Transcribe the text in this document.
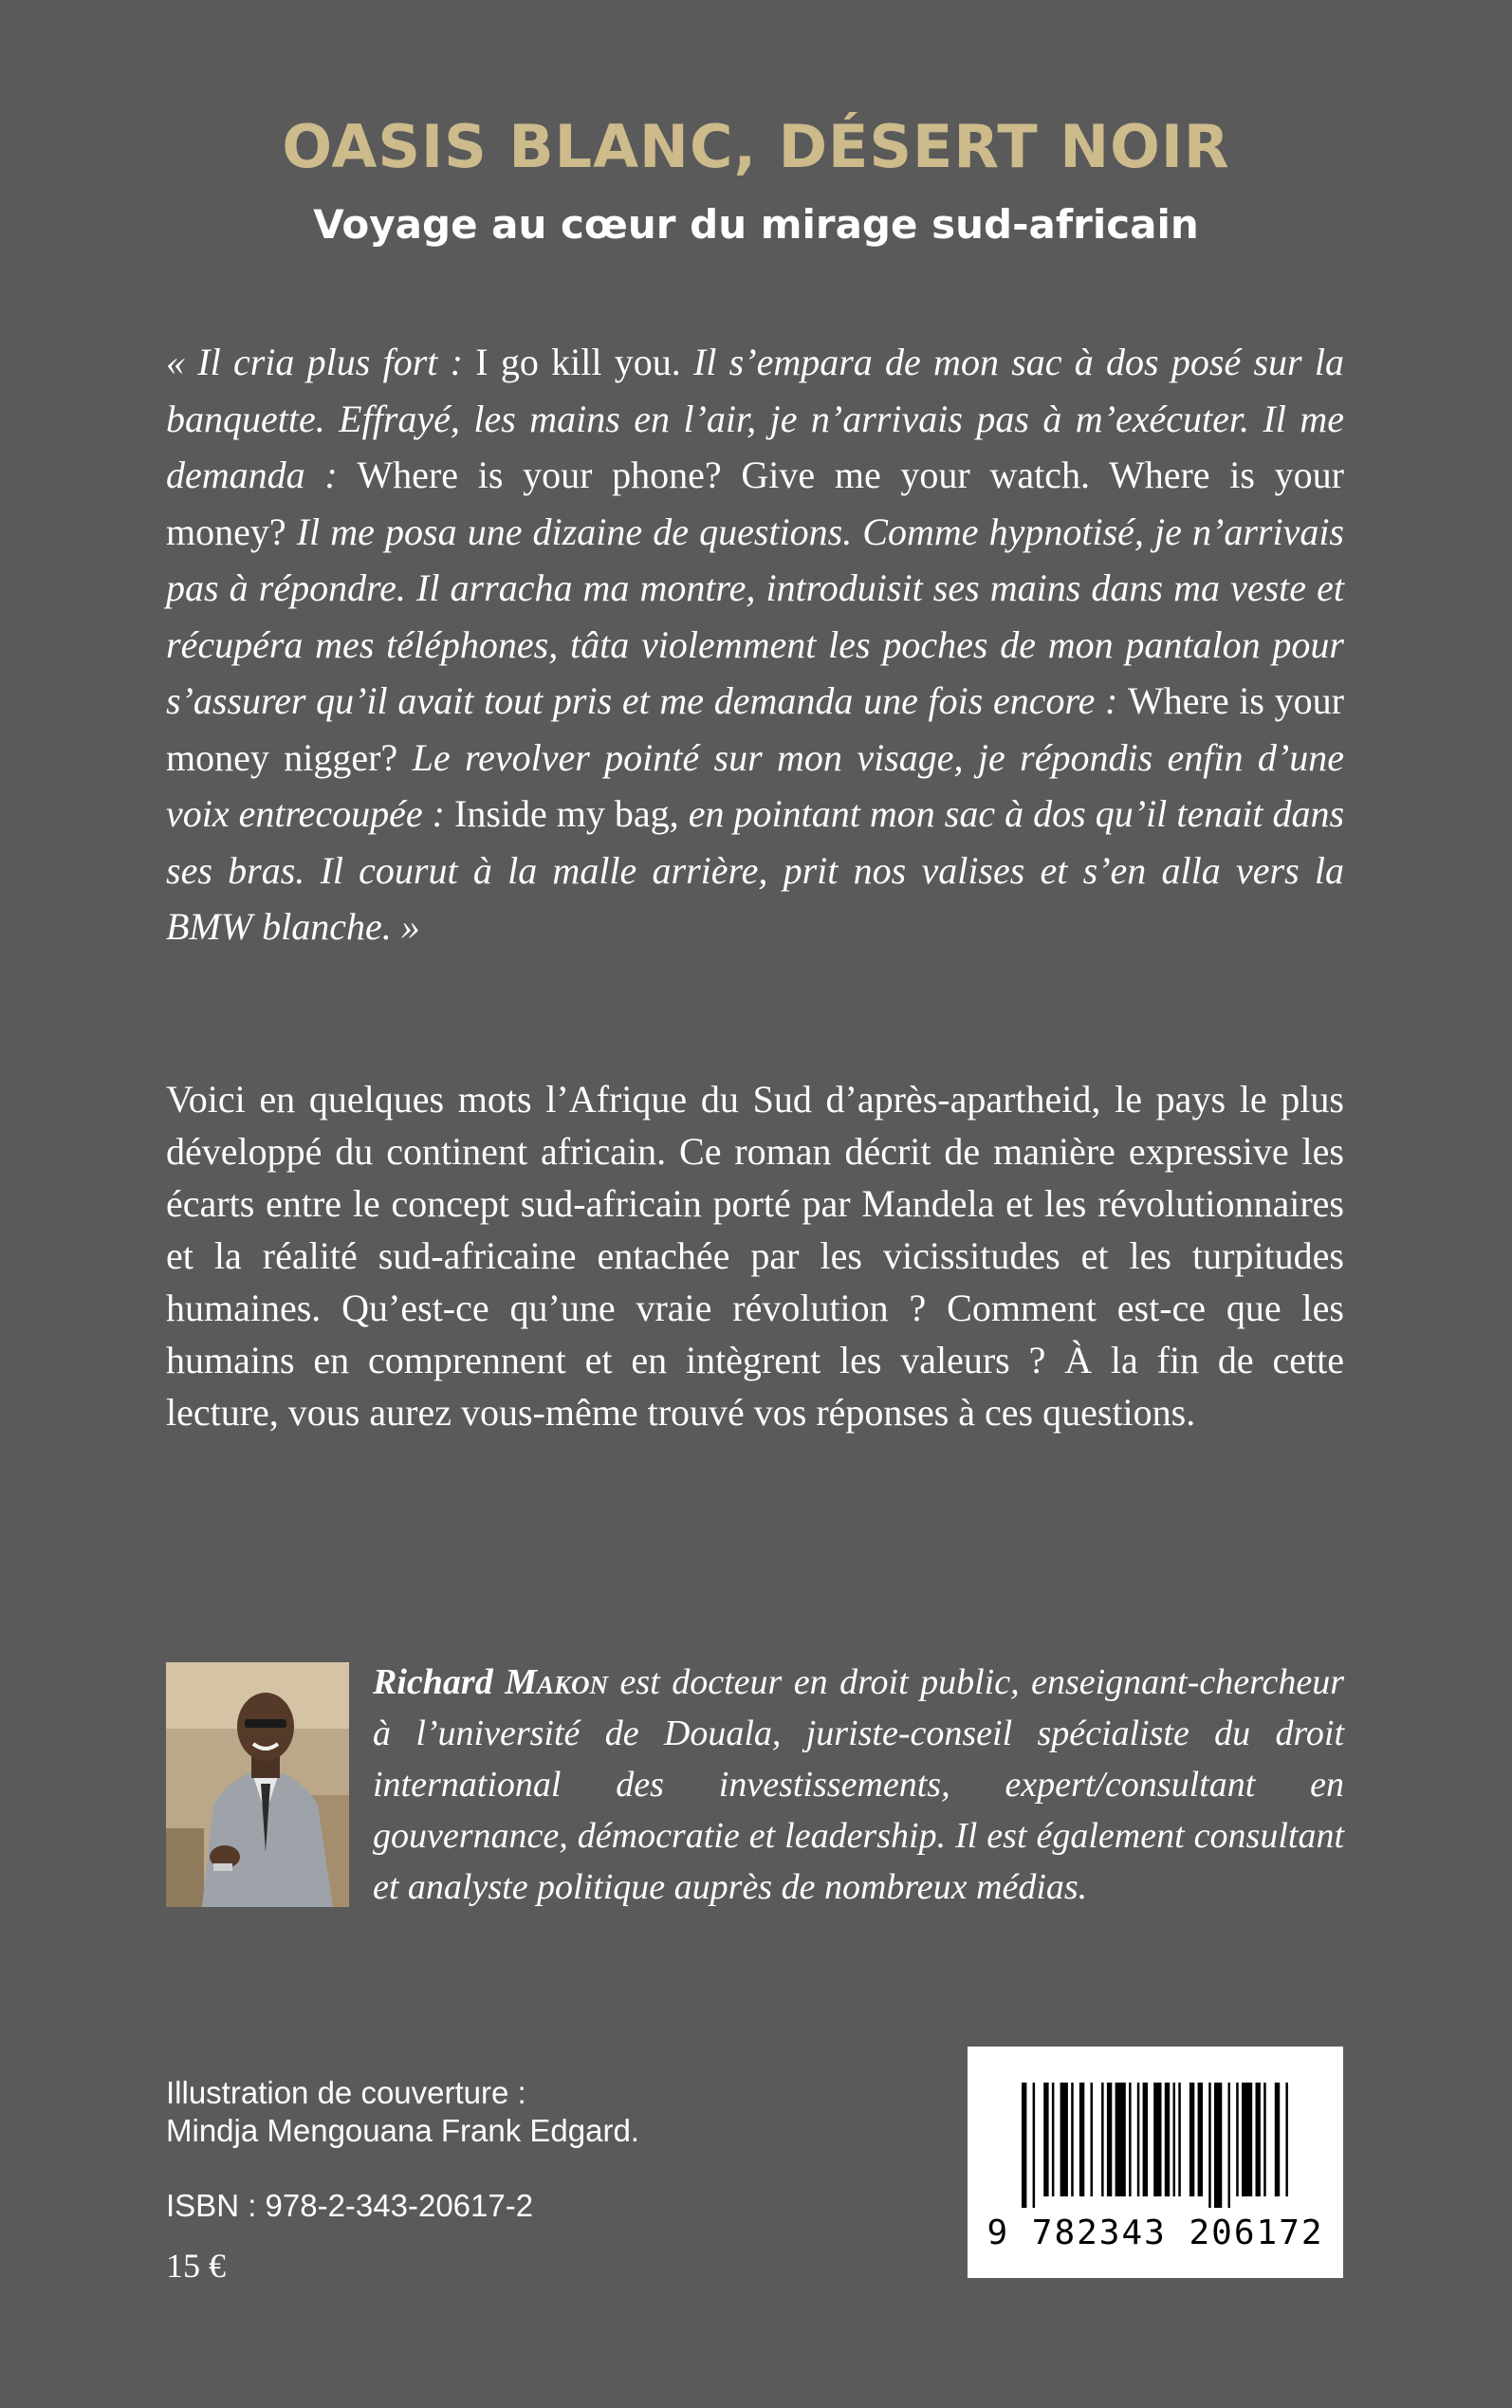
OASIS BLANC, DÉSERT NOIR
Voyage au cœur du mirage sud-africain

« Il cria plus fort : I go kill you. Il s’empara de mon sac à dos posé sur la banquette. Effrayé, les mains en l’air, je n’arrivais pas à m’exécuter. Il me demanda : Where is your phone? Give me your watch. Where is your money? Il me posa une dizaine de questions. Comme hypnotisé, je n’arrivais pas à répondre. Il arracha ma montre, introduisit ses mains dans ma veste et récupéra mes téléphones, tâta violemment les poches de mon pantalon pour s’assurer qu’il avait tout pris et me demanda une fois encore : Where is your money nigger? Le revolver pointé sur mon visage, je répondis enfin d’une voix entrecoupée : Inside my bag, en pointant mon sac à dos qu’il tenait dans ses bras. Il courut à la malle arrière, prit nos valises et s’en alla vers la BMW blanche. »

Voici en quelques mots l’Afrique du Sud d’après-apartheid, le pays le plus développé du continent africain. Ce roman décrit de manière expressive les écarts entre le concept sud-africain porté par Mandela et les révolutionnaires et la réalité sud-africaine entachée par les vicissitudes et les turpitudes humaines. Qu’est-ce qu’une vraie révolution ? Comment est-ce que les humains en comprennent et en intègrent les valeurs ? À la fin de cette lecture, vous aurez vous-même trouvé vos réponses à ces questions.

Richard Makon est docteur en droit public, enseignant-chercheur à l’université de Douala, juriste-conseil spécialiste du droit international des investissements, expert/consultant en gouvernance, démocratie et leadership. Il est également consultant et analyste politique auprès de nombreux médias.

Illustration de couverture :
Mindja Mengouana Frank Edgard.
ISBN : 978-2-343-20617-2
15 €
9 782343 206172
